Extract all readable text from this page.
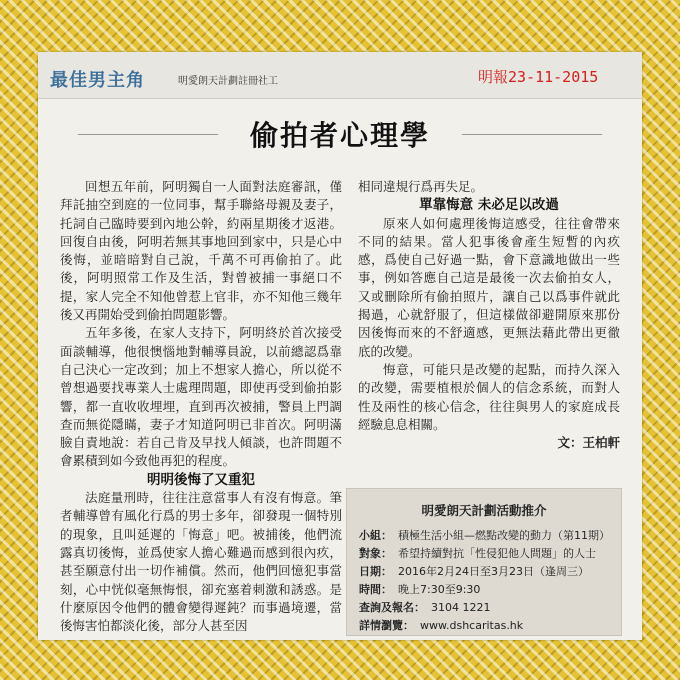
最佳男主角	明愛朗天計劃註冊社工	明報23-11-2015
偷拍者心理學

回想五年前，阿明獨自一人面對法庭審訊，僅拜託抽空到庭的一位同事，幫手聯絡母親及妻子，托詞自己臨時要到內地公幹，約兩星期後才返港。回復自由後，阿明若無其事地回到家中，只是心中後悔，並暗暗對自己說，千萬不可再偷拍了。此後，阿明照常工作及生活，對曾被捕一事絕口不提，家人完全不知他曾惹上官非，亦不知他三幾年後又再開始受到偷拍問題影響。

五年多後，在家人支持下，阿明終於首次接受面談輔導，他很懊惱地對輔導員說，以前總認爲靠自己決心一定改到；加上不想家人擔心，所以從不曾想過要找專業人士處理問題，即使再受到偷拍影響，都一直收收埋埋，直到再次被捕，警員上門調查而無從隱瞞，妻子才知道阿明已非首次。阿明滿臉自責地說：若自己肯及早找人傾談，也許問題不會累積到如今致他再犯的程度。

明明後悔了又重犯

法庭量刑時，往往注意當事人有沒有悔意。筆者輔導曾有風化行爲的男士多年，卻發現一個特別的現象，且叫延遲的「悔意」吧。被捕後，他們流露真切後悔，並爲使家人擔心難過而感到很內疚，甚至願意付出一切作補償。然而，他們回憶犯事當刻，心中恍似毫無悔恨，卻充塞着刺激和誘惑。是什麼原因令他們的體會變得遲鈍？而事過境遷，當後悔害怕都淡化後，部分人甚至因

相同違規行爲再失足。

單靠悔意 未必足以改過

原來人如何處理後悔這感受，往往會帶來不同的結果。當人犯事後會產生短暫的內疚感，爲使自己好過一點，會下意識地做出一些事，例如答應自己這是最後一次去偷拍女人，又或刪除所有偷拍照片，讓自己以爲事件就此揭過，心就舒服了，但這樣做卻避開原來那份因後悔而來的不舒適感，更無法藉此帶出更徹底的改變。

悔意，可能只是改變的起點，而持久深入的改變，需要植根於個人的信念系統，而對人性及兩性的核心信念，往往與男人的家庭成長經驗息息相關。

文：王柏軒

明愛朗天計劃活動推介
小組 ： 積極生活小組—燃點改變的動力（第11期）
對象 ： 希望持續對抗「性侵犯他人問題」的人士
日期 ： 2016年2月24日至3月23日（逢周三）
時間 ： 晚上7:30至9:30
查詢及報名 ： 3104 1221
詳情瀏覽 ： www.dshcaritas.hk
